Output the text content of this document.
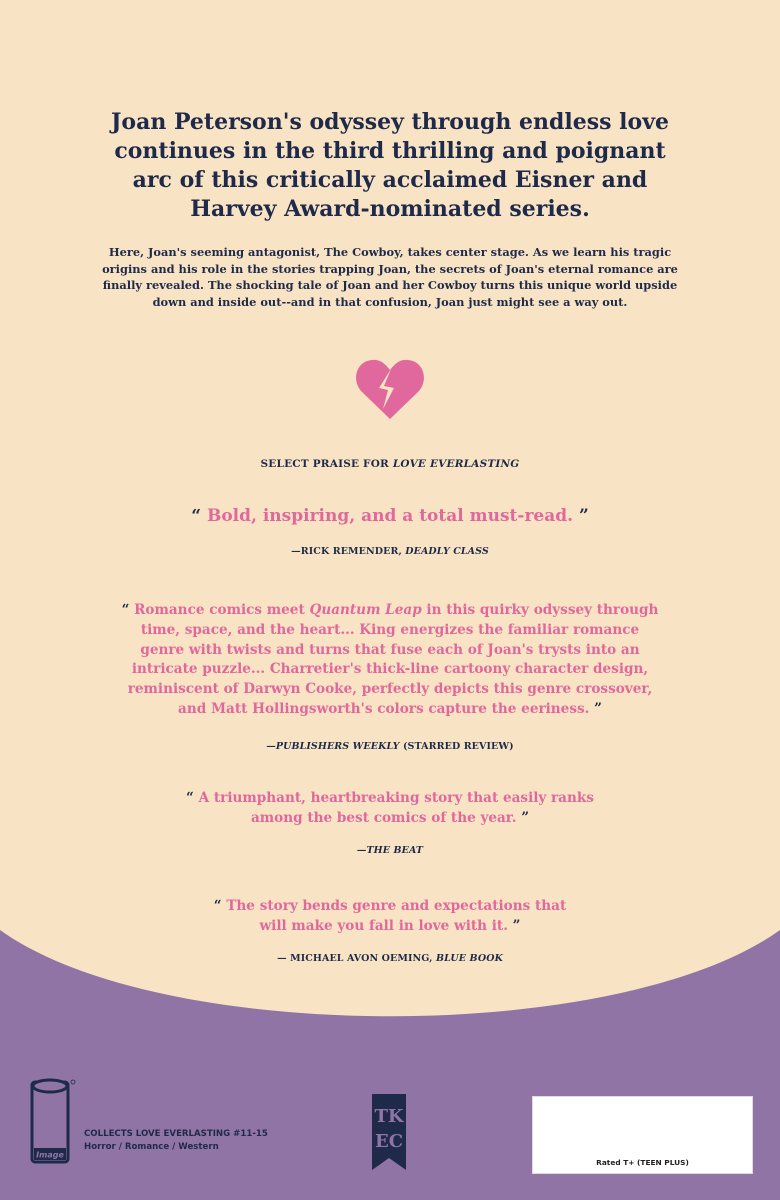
Joan Peterson's odyssey through endless love
continues in the third thrilling and poignant
arc of this critically acclaimed Eisner and
Harvey Award-nominated series.
Here, Joan's seeming antagonist, The Cowboy, takes center stage. As we learn his tragic
origins and his role in the stories trapping Joan, the secrets of Joan's eternal romance are
finally revealed. The shocking tale of Joan and her Cowboy turns this unique world upside
down and inside out--and in that confusion, Joan just might see a way out.
SELECT PRAISE FOR LOVE EVERLASTING
“ Bold, inspiring, and a total must-read. ”
—RICK REMENDER, DEADLY CLASS
“ Romance comics meet Quantum Leap in this quirky odyssey through
time, space, and the heart... King energizes the familiar romance
genre with twists and turns that fuse each of Joan's trysts into an
intricate puzzle... Charretier's thick-line cartoony character design,
reminiscent of Darwyn Cooke, perfectly depicts this genre crossover,
and Matt Hollingsworth's colors capture the eeriness. ”
—PUBLISHERS WEEKLY (STARRED REVIEW)
“ A triumphant, heartbreaking story that easily ranks
among the best comics of the year. ”
—THE BEAT
“ The story bends genre and expectations that
will make you fall in love with it. ”
— MICHAEL AVON OEMING, BLUE BOOK
Image
COLLECTS LOVE EVERLASTING #11-15
Horror / Romance / Western
TK
EC
Rated T+ (TEEN PLUS)
